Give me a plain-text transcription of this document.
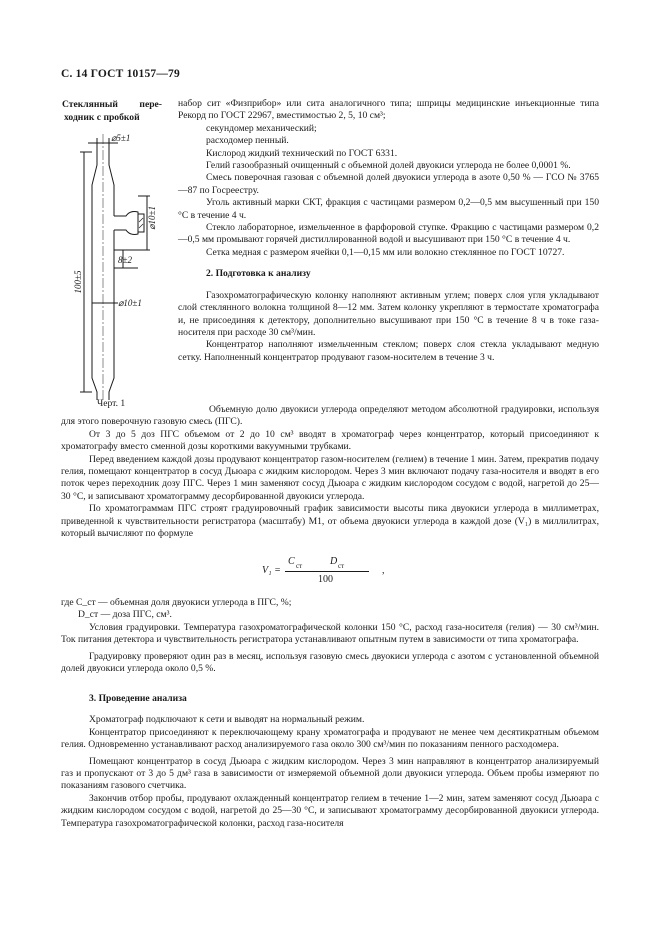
С. 14 ГОСТ 10157—79
Стеклянный пере-
ходник с пробкой
⌀5±1
⌀10±1
8±2
100±5
⌀10±1
Черт. 1

набор сит «Физприбор» или сита аналогичного типа; шприцы медицинские инъекционные типа Рекорд по ГОСТ 22967, вместимостью 2, 5, 10 см³;

секундомер механический;

расходомер пенный.

Кислород жидкий технический по ГОСТ 6331.

Гелий газообразный очищенный с объемной долей двуокиси углерода не более 0,0001 %.

Смесь поверочная газовая с объемной долей двуокиси углерода в азоте 0,50 % — ГСО № 3765—87 по Госреестру.

Уголь активный марки СКТ, фракция с частицами размером 0,2—0,5 мм высушенный при 150 °С в течение 4 ч.

Стекло лабораторное, измельченное в фарфоровой ступке. Фракцию с частицами размером 0,2—0,5 мм промывают горячей дистиллированной водой и высушивают при 150 °С в течение 4 ч.

Сетка медная с размером ячейки 0,1—0,15 мм или волокно стеклянное по ГОСТ 10727.

2. Подготовка к анализу

Газохроматографическую колонку наполняют активным углем; поверх слоя угля укладывают слой стеклянного волокна толщиной 8—12 мм. Затем колонку укрепляют в термостате хроматографа и, не присоединяя к детектору, дополнительно высушивают при 150 °С в течение 8 ч в токе газа-носителя при расходе 30 см³/мин.

Концентратор наполняют измельченным стеклом; поверх слоя стекла укладывают медную сетку. Наполненный концентратор продувают газом-носителем в течение 3 ч.

Объемную долю двуокиси углерода определяют методом абсолютной градуировки, используя для этого поверочную газовую смесь (ПГС).

От 3 до 5 доз ПГС объемом от 2 до 10 см³ вводят в хроматограф через концентратор, который присоединяют к хроматографу вместо сменной дозы короткими вакуумными трубками.

Перед введением каждой дозы продувают концентратор газом-носителем (гелием) в течение 1 мин. Затем, прекратив подачу гелия, помещают концентратор в сосуд Дьюара с жидким кислородом. Через 3 мин включают подачу газа-носителя и вводят в его поток через переходник дозу ПГС. Через 1 мин заменяют сосуд Дьюара с жидким кислородом сосудом с водой, нагретой до 25—30 °С, и записывают хроматограмму десорбированной двуокиси углерода.

По хроматограммам ПГС строят градуировочный график зависимости высоты пика двуокиси углерода в миллиметрах, приведенной к чувствительности регистратора (масштабу) М1, от объема двуокиси углерода в каждой дозе (V₁) в миллилитрах, который вычисляют по формуле

V₁ =
C ст	D ст
100
,

где C_ст — объемная доля двуокиси углерода в ПГС, %;

D_ст — доза ПГС, см³.

Условия градуировки. Температура газохроматографической колонки 150 °С, расход газа-носителя (гелия) — 30 см³/мин. Ток питания детектора и чувствительность регистратора устанавливают опытным путем в зависимости от типа хроматографа.

Градуировку проверяют один раз в месяц, используя газовую смесь двуокиси углерода с азотом с установленной объемной долей двуокиси углерода около 0,5 %.

3. Проведение анализа

Хроматограф подключают к сети и выводят на нормальный режим.

Концентратор присоединяют к переключающему крану хроматографа и продувают не менее чем десятикратным объемом гелия. Одновременно устанавливают расход анализируемого газа около 300 см³/мин по показаниям пенного расходомера.

Помещают концентратор в сосуд Дьюара с жидким кислородом. Через 3 мин направляют в концентратор анализируемый газ и пропускают от 3 до 5 дм³ газа в зависимости от измеряемой объемной доли двуокиси углерода. Объем пробы измеряют по показаниям газового счетчика.

Закончив отбор пробы, продувают охлажденный концентратор гелием в течение 1—2 мин, затем заменяют сосуд Дьюара с жидким кислородом сосудом с водой, нагретой до 25—30 °С, и записывают хроматограмму десорбированной двуокиси углерода. Температура газохроматографической колонки, расход газа-носителя
